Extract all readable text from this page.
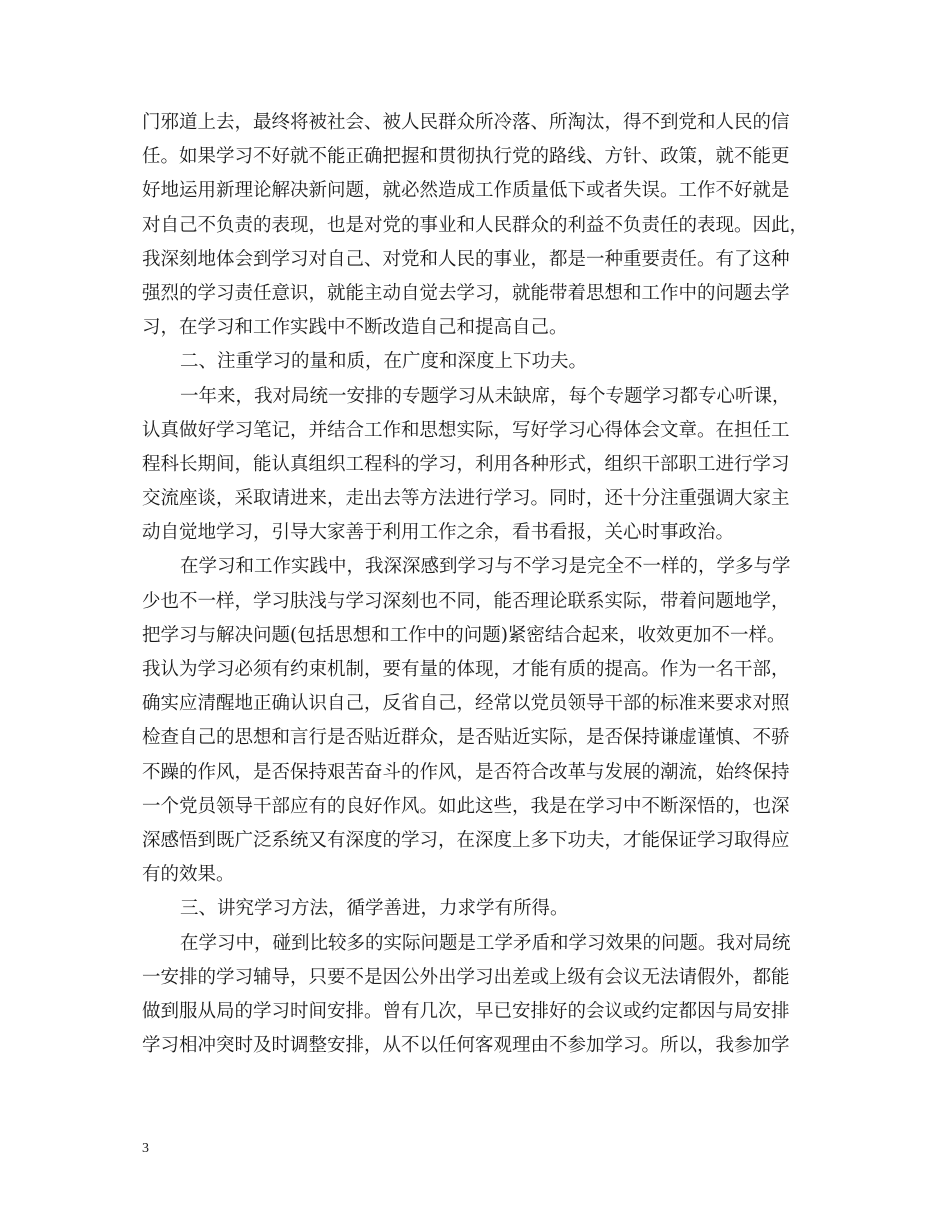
门邪道上去，最终将被社会、被人民群众所冷落、所淘汰，得不到党和人民的信
任。如果学习不好就不能正确把握和贯彻执行党的路线、方针、政策，就不能更
好地运用新理论解决新问题，就必然造成工作质量低下或者失误。工作不好就是
对自己不负责的表现，也是对党的事业和人民群众的利益不负责任的表现。因此，
我深刻地体会到学习对自己、对党和人民的事业，都是一种重要责任。有了这种
强烈的学习责任意识，就能主动自觉去学习，就能带着思想和工作中的问题去学
习，在学习和工作实践中不断改造自己和提高自己。
二、注重学习的量和质，在广度和深度上下功夫。
一年来，我对局统一安排的专题学习从未缺席，每个专题学习都专心听课，
认真做好学习笔记，并结合工作和思想实际，写好学习心得体会文章。在担任工
程科长期间，能认真组织工程科的学习，利用各种形式，组织干部职工进行学习
交流座谈，采取请进来，走出去等方法进行学习。同时，还十分注重强调大家主
动自觉地学习，引导大家善于利用工作之余，看书看报，关心时事政治。
在学习和工作实践中，我深深感到学习与不学习是完全不一样的，学多与学
少也不一样，学习肤浅与学习深刻也不同，能否理论联系实际，带着问题地学，
把学习与解决问题(包括思想和工作中的问题)紧密结合起来，收效更加不一样。
我认为学习必须有约束机制，要有量的体现，才能有质的提高。作为一名干部，
确实应清醒地正确认识自己，反省自己，经常以党员领导干部的标准来要求对照
检查自己的思想和言行是否贴近群众，是否贴近实际，是否保持谦虚谨慎、不骄
不躁的作风，是否保持艰苦奋斗的作风，是否符合改革与发展的潮流，始终保持
一个党员领导干部应有的良好作风。如此这些，我是在学习中不断深悟的，也深
深感悟到既广泛系统又有深度的学习，在深度上多下功夫，才能保证学习取得应
有的效果。
三、讲究学习方法，循学善进，力求学有所得。
在学习中，碰到比较多的实际问题是工学矛盾和学习效果的问题。我对局统
一安排的学习辅导，只要不是因公外出学习出差或上级有会议无法请假外，都能
做到服从局的学习时间安排。曾有几次，早已安排好的会议或约定都因与局安排
学习相冲突时及时调整安排，从不以任何客观理由不参加学习。所以，我参加学
3
